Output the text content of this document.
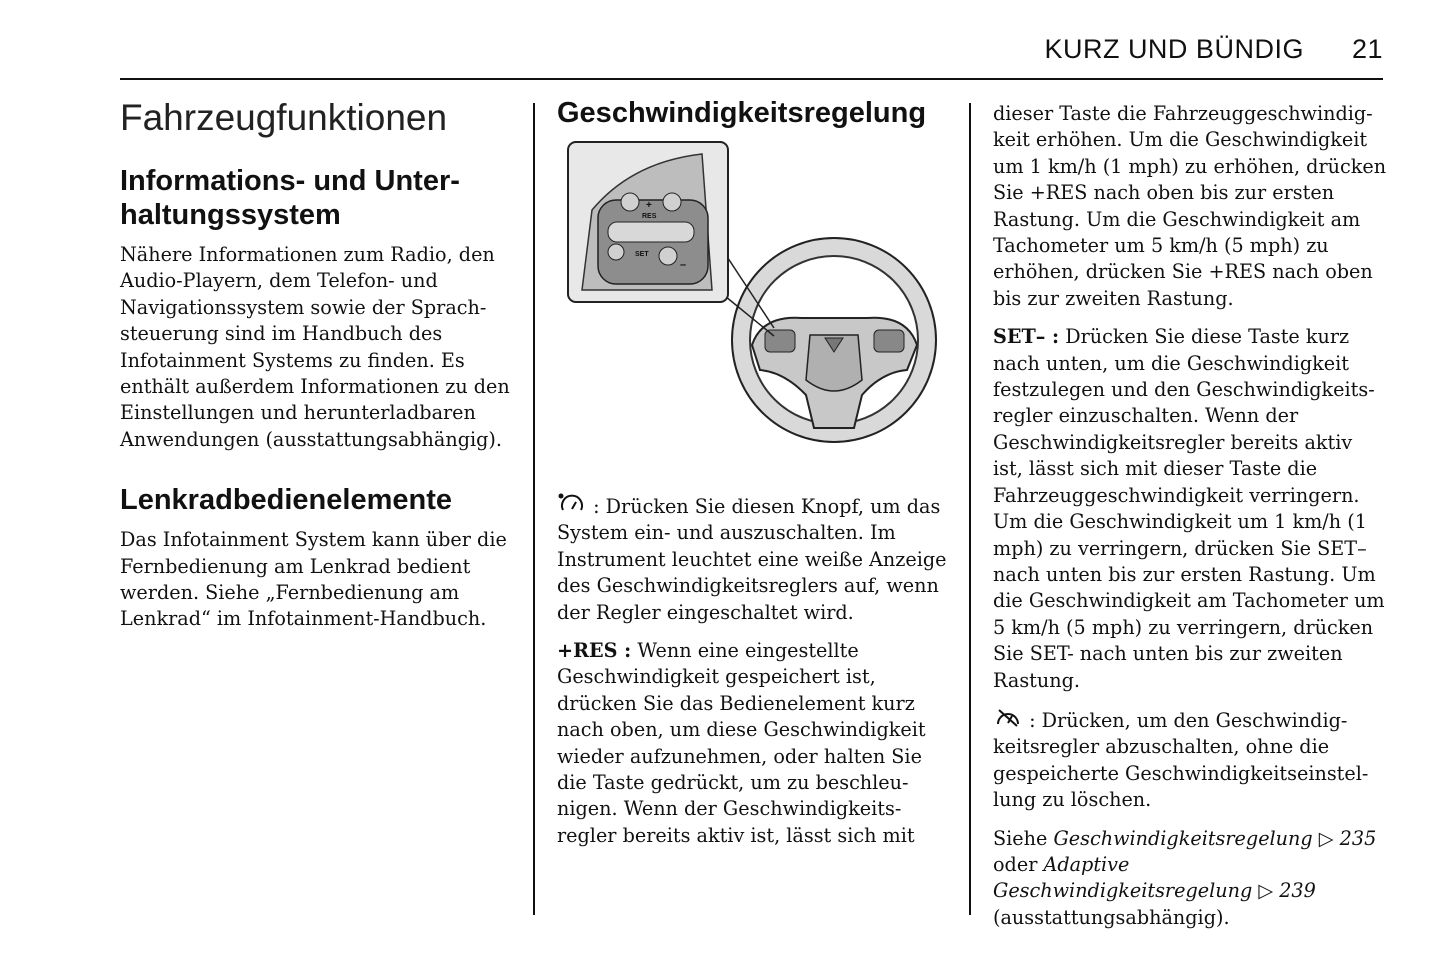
KURZ UND BÜNDIG 21
Fahrzeugfunktionen
Informations- und Unter-
haltungssystem

Nähere Informationen zum Radio, den Audio-Playern, dem Telefon- und Navigationssystem sowie der Sprachsteuerung sind im Handbuch des Infotainment Systems zu finden. Es enthält außerdem Informationen zu den Einstellungen und herunterladbaren Anwendungen (ausstattungsabhängig).

Lenkradbedienelemente

Das Infotainment System kann über die Fernbedienung am Lenkrad bedient werden. Siehe „Fernbedienung am Lenkrad“ im Infotainment-Handbuch.

Geschwindigkeitsregelung
+
RES
SET
–

: Drücken Sie diesen Knopf, um das System ein- und auszuschalten. Im Instrument leuchtet eine weiße Anzeige des Geschwindigkeitsreglers auf, wenn der Regler eingeschaltet wird.

+RES : Wenn eine eingestellte Geschwindigkeit gespeichert ist, drücken Sie das Bedienelement kurz nach oben, um diese Geschwindigkeit wieder aufzunehmen, oder halten Sie die Taste gedrückt, um zu beschleunigen. Wenn der Geschwindigkeitsregler bereits aktiv ist, lässt sich mit

dieser Taste die Fahrzeuggeschwindigkeit erhöhen. Um die Geschwindigkeit um 1 km/h (1 mph) zu erhöhen, drücken Sie +RES nach oben bis zur ersten Rastung. Um die Geschwindigkeit am Tachometer um 5 km/h (5 mph) zu erhöhen, drücken Sie +RES nach oben bis zur zweiten Rastung.

SET– : Drücken Sie diese Taste kurz nach unten, um die Geschwindigkeit festzulegen und den Geschwindigkeitsregler einzuschalten. Wenn der Geschwindigkeitsregler bereits aktiv ist, lässt sich mit dieser Taste die Fahrzeuggeschwindigkeit verringern. Um die Geschwindigkeit um 1 km/h (1 mph) zu verringern, drücken Sie SET– nach unten bis zur ersten Rastung. Um die Geschwindigkeit am Tachometer um 5 km/h (5 mph) zu verringern, drücken Sie SET- nach unten bis zur zweiten Rastung.

: Drücken, um den Geschwindigkeitsregler abzuschalten, ohne die gespeicherte Geschwindigkeitseinstellung zu löschen.

Siehe Geschwindigkeitsregelung ▷ 235 oder Adaptive Geschwindigkeitsregelung ▷ 239 (ausstattungsabhängig).
